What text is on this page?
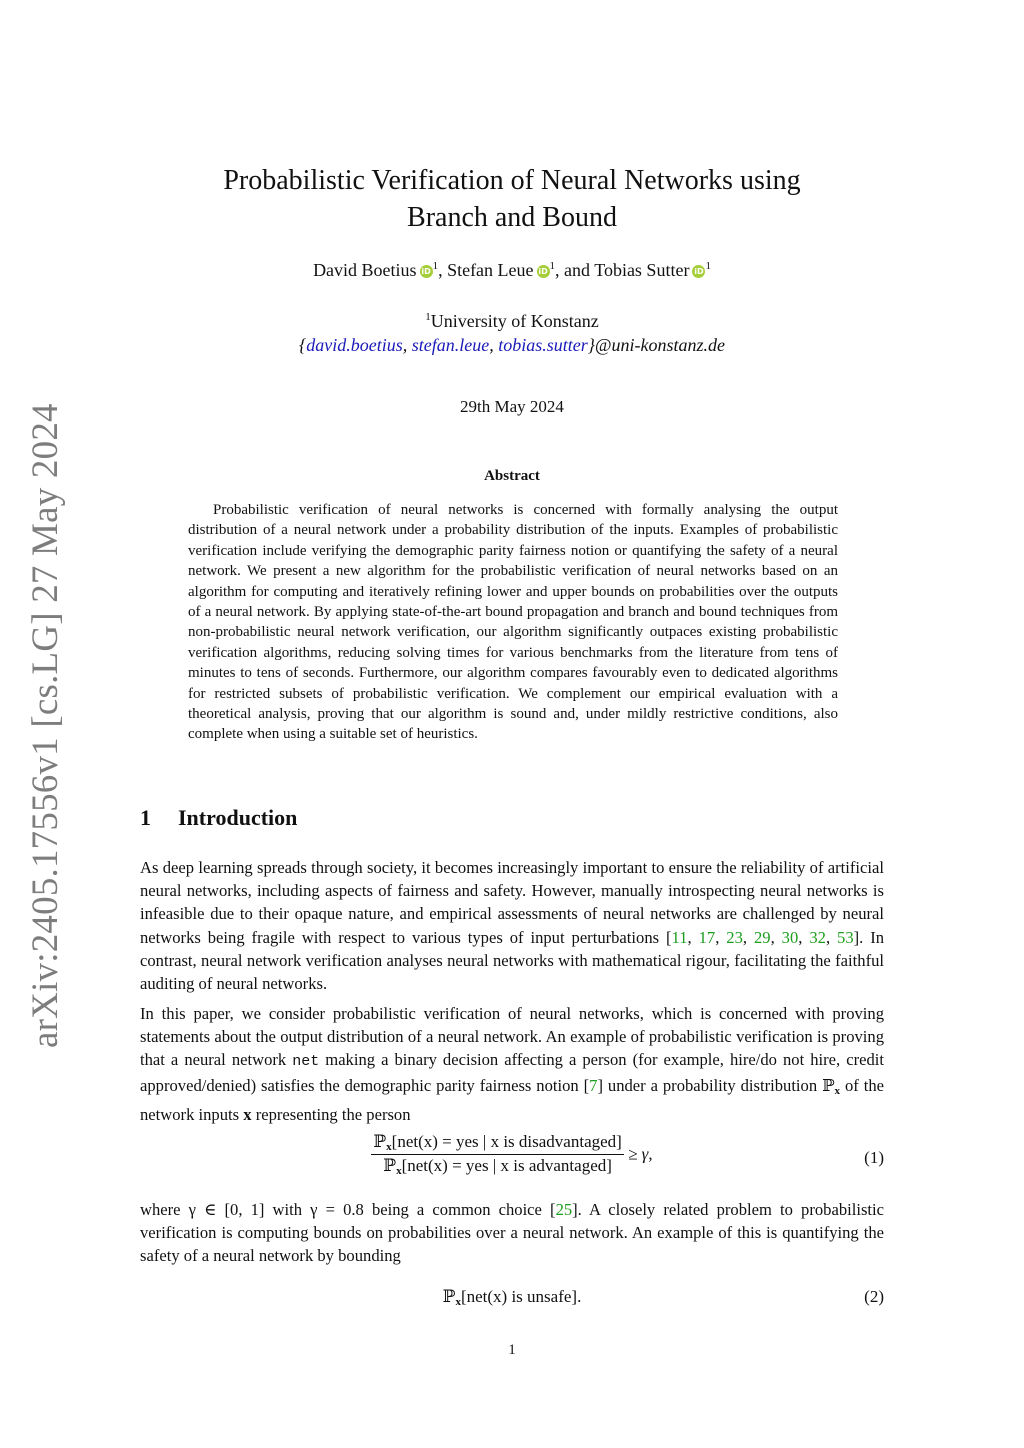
arXiv:2405.17556v1 [cs.LG] 27 May 2024
Probabilistic Verification of Neural Networks using
Branch and Bound
David Boetius iD $^1$, Stefan Leue iD $^1$, and Tobias Sutter iD $^1$
$^1$University of Konstanz
{david.boetius, stefan.leue, tobias.sutter}@uni-konstanz.de
29th May 2024
Abstract
Probabilistic verification of neural networks is concerned with formally analysing the output distribution of a neural network under a probability distribution of the inputs. Examples of probabilistic verification include verifying the demographic parity fairness notion or quantifying the safety of a neural network. We present a new algorithm for the probabilistic verification of neural networks based on an algorithm for computing and iteratively refining lower and upper bounds on probabilities over the outputs of a neural network. By applying state-of-the-art bound propagation and branch and bound techniques from non-probabilistic neural network verification, our algorithm significantly outpaces existing probabilistic verification algorithms, reducing solving times for various benchmarks from the literature from tens of minutes to tens of seconds. Furthermore, our algorithm compares favourably even to dedicated algorithms for restricted subsets of probabilistic verification. We complement our empirical evaluation with a theoretical analysis, proving that our algorithm is sound and, under mildly restrictive conditions, also complete when using a suitable set of heuristics.
1 Introduction
As deep learning spreads through society, it becomes increasingly important to ensure the reliability of artificial neural networks, including aspects of fairness and safety. However, manually introspecting neural networks is infeasible due to their opaque nature, and empirical assessments of neural networks are challenged by neural networks being fragile with respect to various types of input perturbations [11, 17, 23, 29, 30, 32, 53]. In contrast, neural network verification analyses neural networks with mathematical rigour, facilitating the faithful auditing of neural networks.
In this paper, we consider probabilistic verification of neural networks, which is concerned with proving statements about the output distribution of a neural network. An example of probabilistic verification is proving that a neural network net making a binary decision affecting a person (for example, hire/do not hire, credit approved/denied) satisfies the demographic parity fairness notion [7] under a probability distribution ℙ$_x$ of the network inputs x representing the person
$\frac{ℙ_x[net(x) = yes | x is disadvantaged]}{ℙ_x[net(x) = yes | x is advantaged]} \ge \gamma$,	(1)
where γ ∈ [0, 1] with γ = 0.8 being a common choice [25]. A closely related problem to probabilistic verification is computing bounds on probabilities over a neural network. An example of this is quantifying the safety of a neural network by bounding
ℙ$_x$[net(x) is unsafe].	(2)
1
